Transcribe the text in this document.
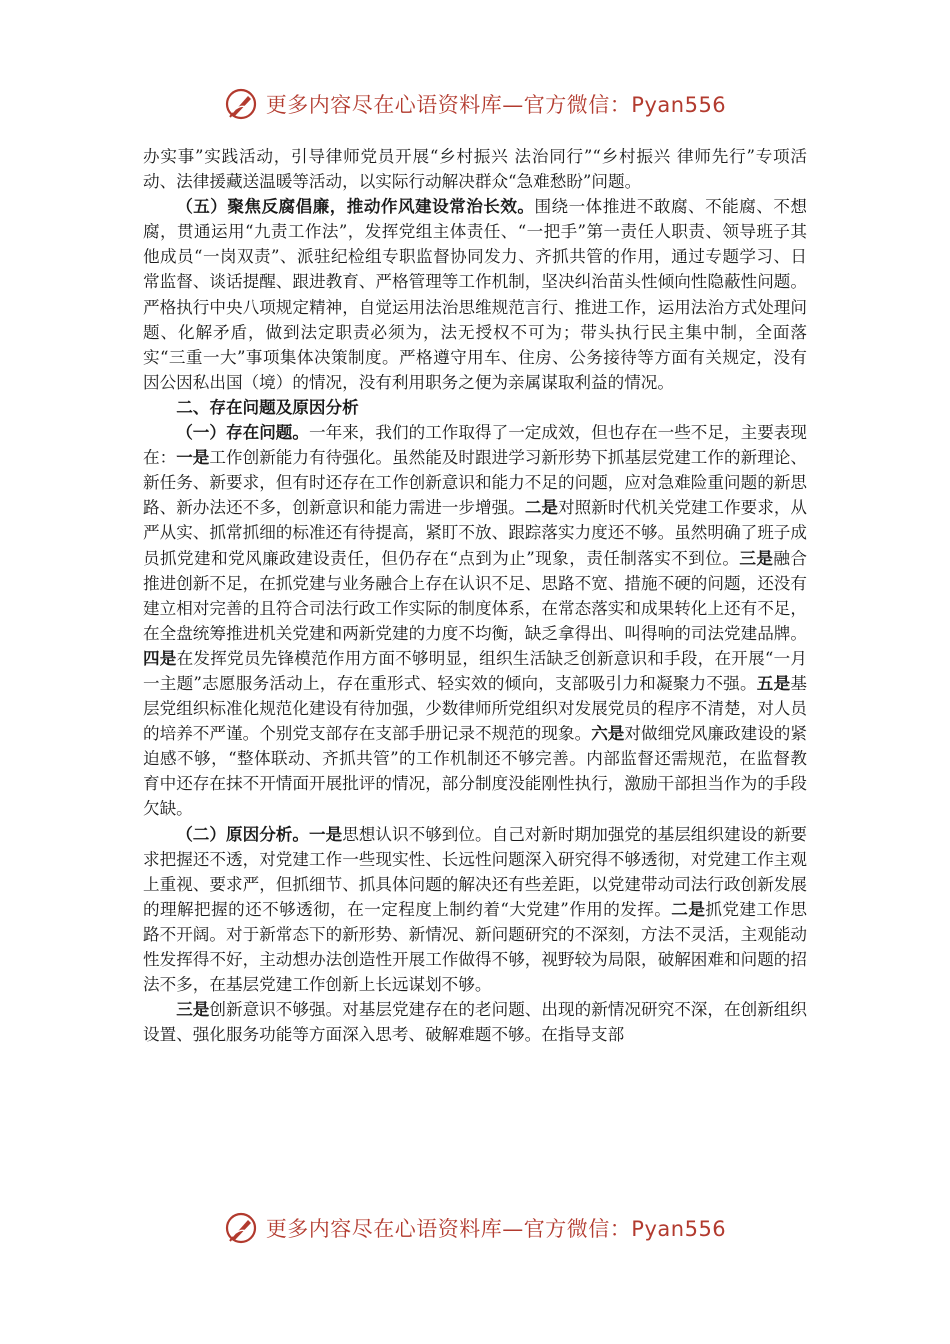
更多内容尽在心语资料库—官方微信：Pyan556

办实事”实践活动，引导律师党员开展“乡村振兴 法治同行”“乡村振兴 律师先行”专项活动、法律援藏送温暖等活动，以实际行动解决群众“急难愁盼”问题。

（五）聚焦反腐倡廉，推动作风建设常治长效。围绕一体推进不敢腐、不能腐、不想腐，贯通运用“九责工作法”，发挥党组主体责任、“一把手”第一责任人职责、领导班子其他成员“一岗双责”、派驻纪检组专职监督协同发力、齐抓共管的作用，通过专题学习、日常监督、谈话提醒、跟进教育、严格管理等工作机制，坚决纠治苗头性倾向性隐蔽性问题。严格执行中央八项规定精神，自觉运用法治思维规范言行、推进工作，运用法治方式处理问题、化解矛盾，做到法定职责必须为，法无授权不可为；带头执行民主集中制，全面落实“三重一大”事项集体决策制度。严格遵守用车、住房、公务接待等方面有关规定，没有因公因私出国（境）的情况，没有利用职务之便为亲属谋取利益的情况。

二、存在问题及原因分析

（一）存在问题。一年来，我们的工作取得了一定成效，但也存在一些不足，主要表现在：一是工作创新能力有待强化。虽然能及时跟进学习新形势下抓基层党建工作的新理论、新任务、新要求，但有时还存在工作创新意识和能力不足的问题，应对急难险重问题的新思路、新办法还不多，创新意识和能力需进一步增强。二是对照新时代机关党建工作要求，从严从实、抓常抓细的标准还有待提高，紧盯不放、跟踪落实力度还不够。虽然明确了班子成员抓党建和党风廉政建设责任，但仍存在“点到为止”现象，责任制落实不到位。三是融合推进创新不足，在抓党建与业务融合上存在认识不足、思路不宽、措施不硬的问题，还没有建立相对完善的且符合司法行政工作实际的制度体系，在常态落实和成果转化上还有不足，在全盘统筹推进机关党建和两新党建的力度不均衡，缺乏拿得出、叫得响的司法党建品牌。四是在发挥党员先锋模范作用方面不够明显，组织生活缺乏创新意识和手段，在开展“一月一主题”志愿服务活动上，存在重形式、轻实效的倾向，支部吸引力和凝聚力不强。五是基层党组织标准化规范化建设有待加强，少数律师所党组织对发展党员的程序不清楚，对人员的培养不严谨。个别党支部存在支部手册记录不规范的现象。六是对做细党风廉政建设的紧迫感不够，“整体联动、齐抓共管”的工作机制还不够完善。内部监督还需规范，在监督教育中还存在抹不开情面开展批评的情况，部分制度没能刚性执行，激励干部担当作为的手段欠缺。

（二）原因分析。一是思想认识不够到位。自己对新时期加强党的基层组织建设的新要求把握还不透，对党建工作一些现实性、长远性问题深入研究得不够透彻，对党建工作主观上重视、要求严，但抓细节、抓具体问题的解决还有些差距，以党建带动司法行政创新发展的理解把握的还不够透彻，在一定程度上制约着“大党建”作用的发挥。二是抓党建工作思路不开阔。对于新常态下的新形势、新情况、新问题研究的不深刻，方法不灵活，主观能动性发挥得不好，主动想办法创造性开展工作做得不够，视野较为局限，破解困难和问题的招法不多，在基层党建工作创新上长远谋划不够。

三是创新意识不够强。对基层党建存在的老问题、出现的新情况研究不深，在创新组织设置、强化服务功能等方面深入思考、破解难题不够。在指导支部

更多内容尽在心语资料库—官方微信：Pyan556
